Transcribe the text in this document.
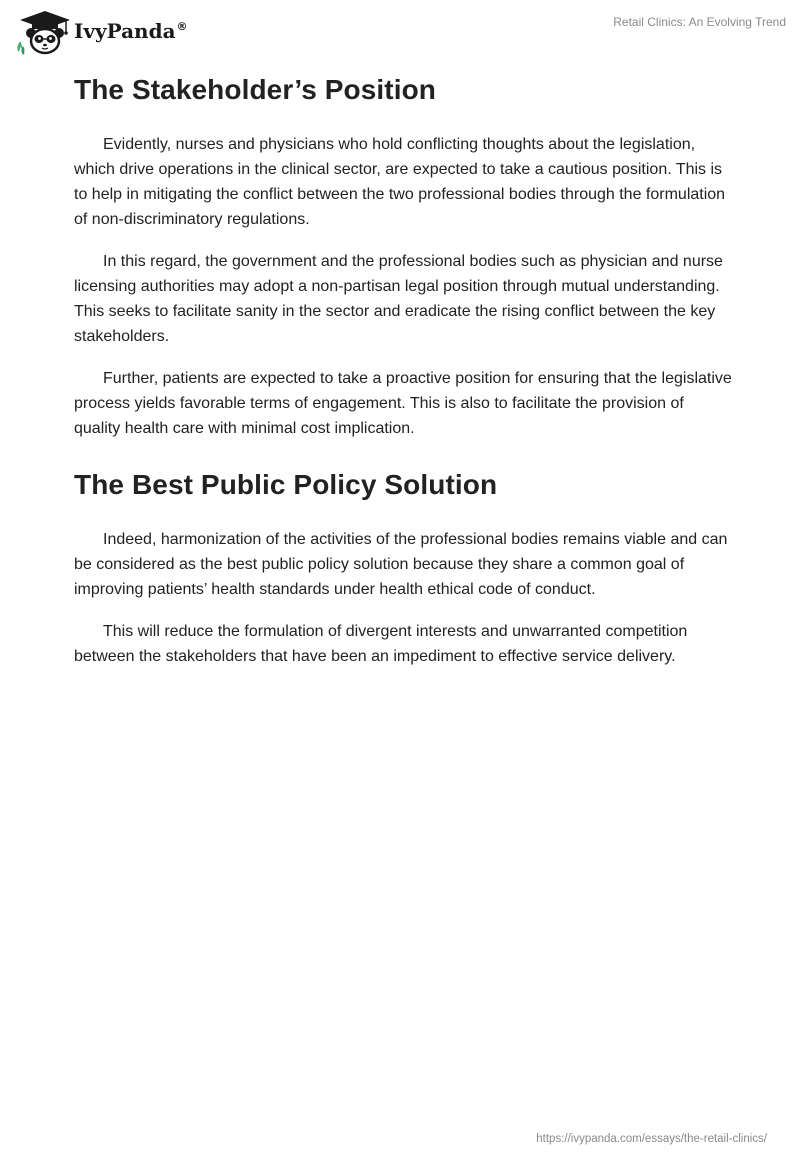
IvyPanda®	Retail Clinics: An Evolving Trend
The Stakeholder’s Position

Evidently, nurses and physicians who hold conflicting thoughts about the legislation, which drive operations in the clinical sector, are expected to take a cautious position. This is to help in mitigating the conflict between the two professional bodies through the formulation of non-discriminatory regulations.

In this regard, the government and the professional bodies such as physician and nurse licensing authorities may adopt a non-partisan legal position through mutual understanding. This seeks to facilitate sanity in the sector and eradicate the rising conflict between the key stakeholders.

Further, patients are expected to take a proactive position for ensuring that the legislative process yields favorable terms of engagement. This is also to facilitate the provision of quality health care with minimal cost implication.

The Best Public Policy Solution

Indeed, harmonization of the activities of the professional bodies remains viable and can be considered as the best public policy solution because they share a common goal of improving patients’ health standards under health ethical code of conduct.

This will reduce the formulation of divergent interests and unwarranted competition between the stakeholders that have been an impediment to effective service delivery.

https://ivypanda.com/essays/the-retail-clinics/
